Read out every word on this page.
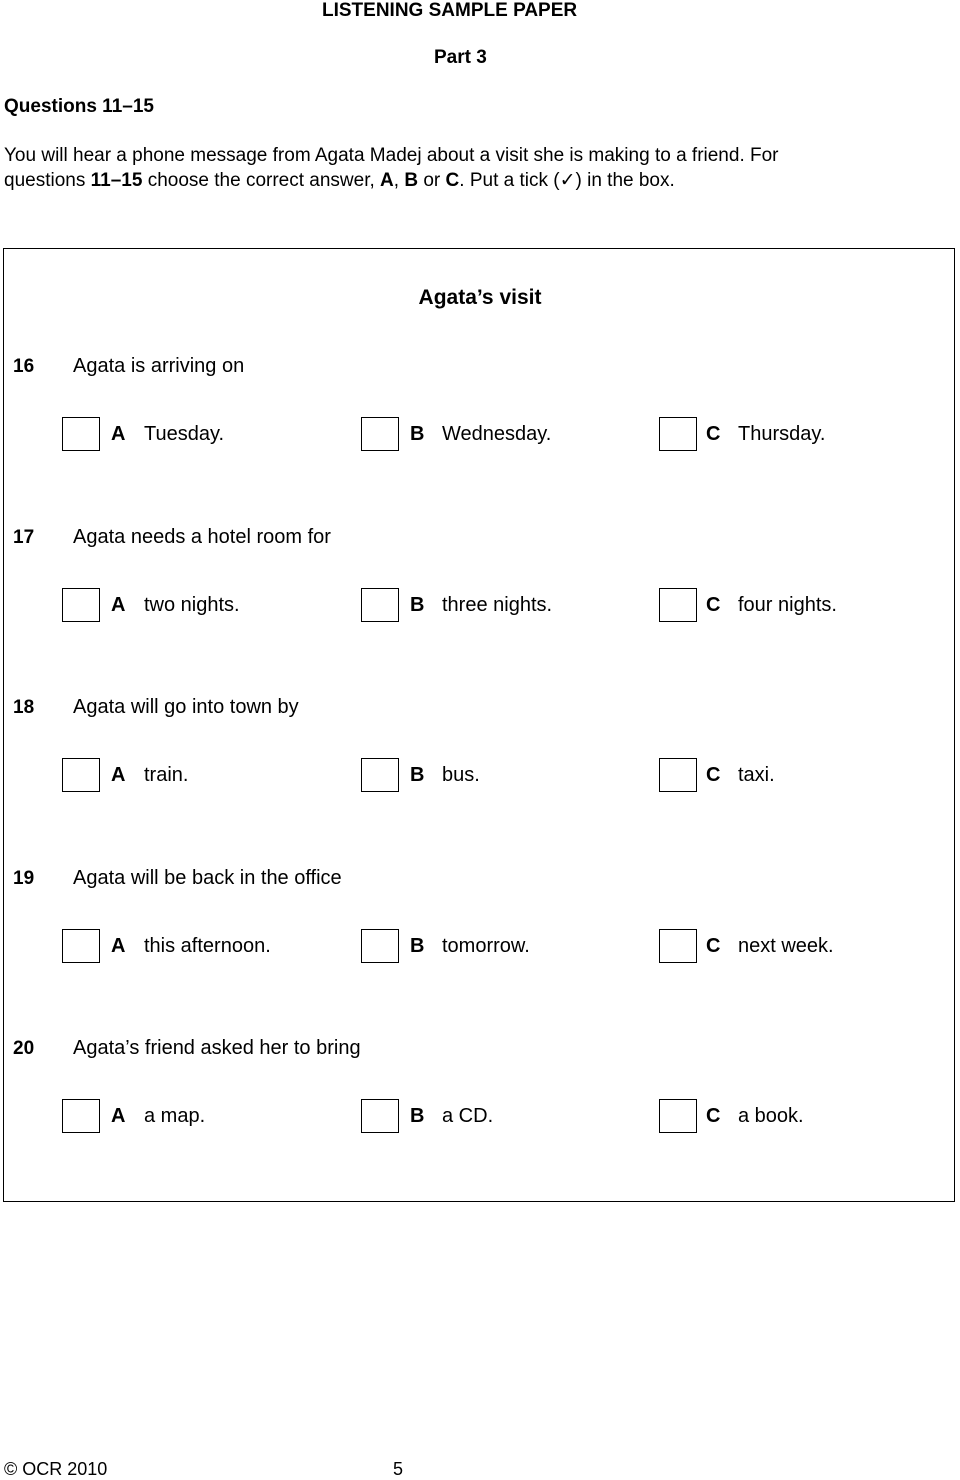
LISTENING SAMPLE PAPER
Part 3
Questions 11–15
You will hear a phone message from Agata Madej about a visit she is making to a friend. For
questions 11–15 choose the correct answer, A, B or C. Put a tick (✓) in the box.
Agata’s visit
16 Agata is arriving on
A Tuesday.	B Wednesday.	C Thursday.
17 Agata needs a hotel room for
A two nights.	B three nights.	C four nights.
18 Agata will go into town by
A train.	B bus.	C taxi.
19 Agata will be back in the office
A this afternoon.	B tomorrow.	C next week.
20 Agata’s friend asked her to bring
A a map.	B a CD.	C a book.
© OCR 2010	5
